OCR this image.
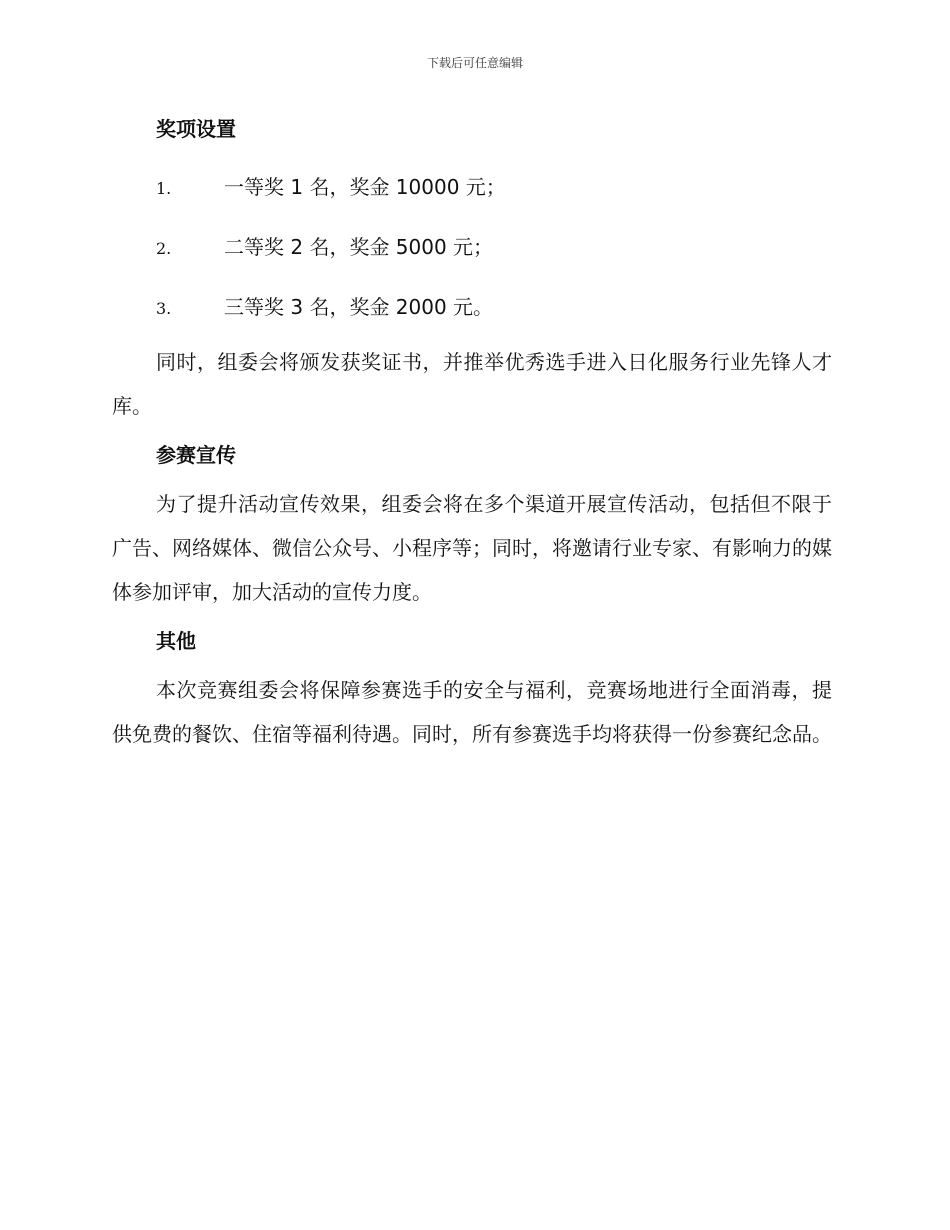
下载后可任意编辑
奖项设置
1.	一等奖 1 名，奖金 10000 元；
2.	二等奖 2 名，奖金 5000 元；
3.	三等奖 3 名，奖金 2000 元。

同时，组委会将颁发获奖证书，并推举优秀选手进入日化服务行业先锋人才库。

参赛宣传

为了提升活动宣传效果，组委会将在多个渠道开展宣传活动，包括但不限于广告、网络媒体、微信公众号、小程序等；同时，将邀请行业专家、有影响力的媒体参加评审，加大活动的宣传力度。

其他

本次竞赛组委会将保障参赛选手的安全与福利，竞赛场地进行全面消毒，提供免费的餐饮、住宿等福利待遇。同时，所有参赛选手均将获得一份参赛纪念品。
